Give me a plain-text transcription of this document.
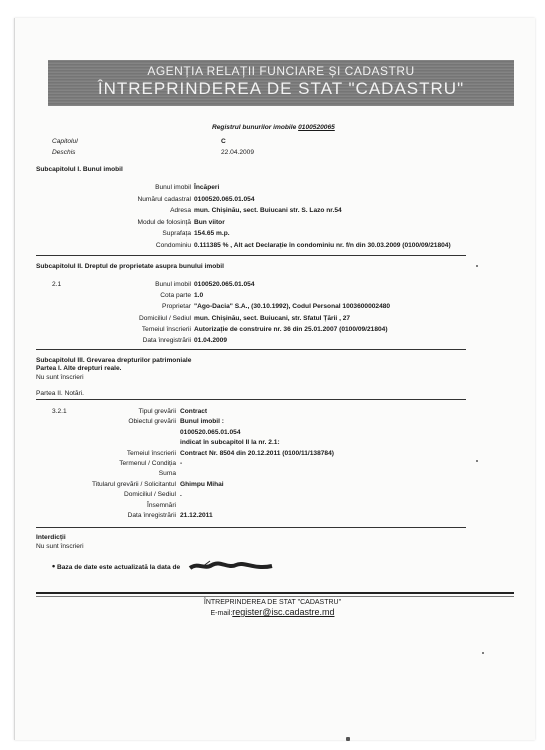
AGENȚIA RELAȚII FUNCIARE ȘI CADASTRU
ÎNTREPRINDEREA DE STAT "CADASTRU"
Registrul bunurilor imobile 0100520065
Capitolul	C
Deschis	22.04.2009
Subcapitolul I. Bunul imobil
Bunul imobil Încăperi
Numărul cadastral 0100520.065.01.054
Adresa mun. Chișinău, sect. Buiucani str. S. Lazo nr.54
Modul de folosință Bun viitor
Suprafața 154.65 m.p.
Condominiu 0.111385 % , Alt act Declarație în condominiu nr. f/n din 30.03.2009 (0100/09/21804)
Subcapitolul II. Dreptul de proprietate asupra bunului imobil
2.1	Bunul imobil 0100520.065.01.054
Cota parte 1.0
Proprietar "Ago-Dacia" S.A., (30.10.1992), Codul Personal 1003600002480
Domiciliul / Sediul mun. Chișinău, sect. Buiucani, str. Sfatul Țării , 27
Temeiul înscrierii Autorizație de construire nr. 36 din 25.01.2007 (0100/09/21804)
Data înregistrării 01.04.2009
Subcapitolul III. Grevarea drepturilor patrimoniale
Partea I. Alte drepturi reale.
Nu sunt înscrieri
Partea II. Notări.
3.2.1	Tipul grevării Contract
Obiectul grevării Bunul imobil :
0100520.065.01.054
indicat în subcapitol II la nr. 2.1:
Temeiul înscrierii Contract Nr. 8504 din 20.12.2011 (0100/11/138784)
Termenul / Condiția -
Suma
Titularul grevării / Solicitantul Ghimpu Mihai
Domiciliul / Sediul .
Însemnări
Data înregistrării 21.12.2011
Interdicții
Nu sunt înscrieri
• Baza de date este actualizată la data de
ÎNTREPRINDEREA DE STAT "CADASTRU"
E-mail:register@isc.cadastre.md
